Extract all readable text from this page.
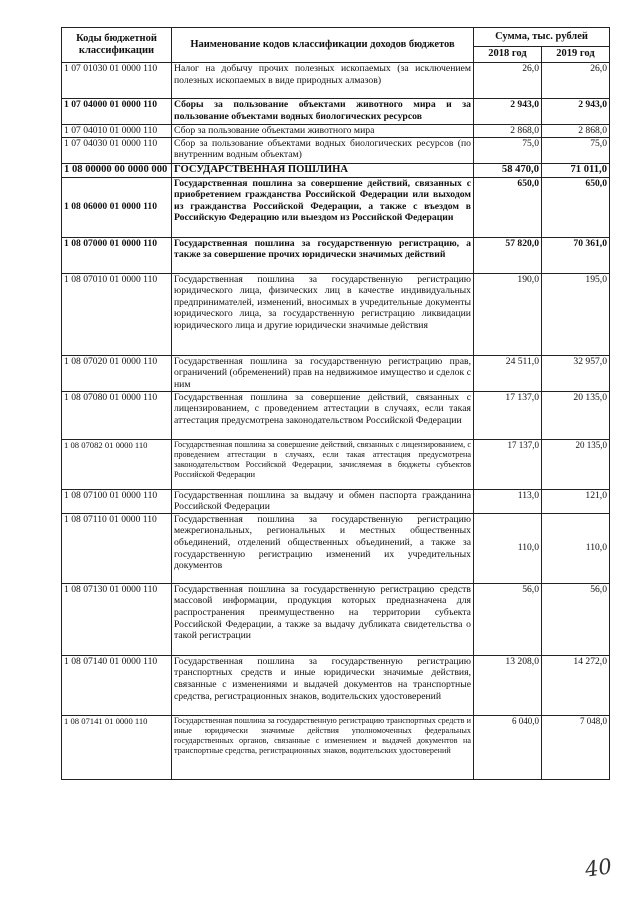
Коды бюджетной классификации	Наименование кодов классификации доходов бюджетов	Сумма, тыс. рублей	
		2018 год	2019 год
1 07 01030 01 0000 110	Налог на добычу прочих полезных ископаемых (за исключением полезных ископаемых в виде природных алмазов)	26,0	26,0
1 07 04000 01 0000 110	Сборы за пользование объектами животного мира и за пользование объектами водных биологических ресурсов	2 943,0	2 943,0
1 07 04010 01 0000 110	Сбор за пользование объектами животного мира	2 868,0	2 868,0
1 07 04030 01 0000 110	Сбор за пользование объектами водных биологических ресурсов (по внутренним водным объектам)	75,0	75,0
1 08 00000 00 0000 000	ГОСУДАРСТВЕННАЯ ПОШЛИНА	58 470,0	71 011,0
1 08 06000 01 0000 110	Государственная пошлина за совершение действий, связанных с приобретением гражданства Российской Федерации или выходом из гражданства Российской Федерации, а также с въездом в Российскую Федерацию или выездом из Российской Федерации	650,0	650,0
1 08 07000 01 0000 110	Государственная пошлина за государственную регистрацию, а также за совершение прочих юридически значимых действий	57 820,0	70 361,0
1 08 07010 01 0000 110	Государственная пошлина за государственную регистрацию юридического лица, физических лиц в качестве индивидуальных предпринимателей, изменений, вносимых в учредительные документы юридического лица, за государственную регистрацию ликвидации юридического лица и другие юридически значимые действия	190,0	195,0
1 08 07020 01 0000 110	Государственная пошлина за государственную регистрацию прав, ограничений (обременений) прав на недвижимое имущество и сделок с ним	24 511,0	32 957,0
1 08 07080 01 0000 110	Государственная пошлина за совершение действий, связанных с лицензированием, с проведением аттестации в случаях, если такая аттестация предусмотрена законодательством Российской Федерации	17 137,0	20 135,0
1 08 07082 01 0000 110	Государственная пошлина за совершение действий, связанных с лицензированием, с проведением аттестации в случаях, если такая аттестация предусмотрена законодательством Российской Федерации, зачисляемая в бюджеты субъектов Российской Федерации	17 137,0	20 135,0
1 08 07100 01 0000 110	Государственная пошлина за выдачу и обмен паспорта гражданина Российской Федерации	113,0	121,0
1 08 07110 01 0000 110	Государственная пошлина за государственную регистрацию межрегиональных, региональных и местных общественных объединений, отделений общественных объединений, а также за государственную регистрацию изменений их учредительных документов	110,0	110,0
1 08 07130 01 0000 110	Государственная пошлина за государственную регистрацию средств массовой информации, продукция которых предназначена для распространения преимущественно на территории субъекта Российской Федерации, а также за выдачу дубликата свидетельства о такой регистрации	56,0	56,0
1 08 07140 01 0000 110	Государственная пошлина за государственную регистрацию транспортных средств и иные юридически значимые действия, связанные с изменениями и выдачей документов на транспортные средства, регистрационных знаков, водительских удостоверений	13 208,0	14 272,0
1 08 07141 01 0000 110	Государственная пошлина за государственную регистрацию транспортных средств и иные юридически значимые действия уполномоченных федеральных государственных органов, связанные с изменением и выдачей документов на транспортные средства, регистрационных знаков, водительских удостоверений	6 040,0	7 048,0
40
